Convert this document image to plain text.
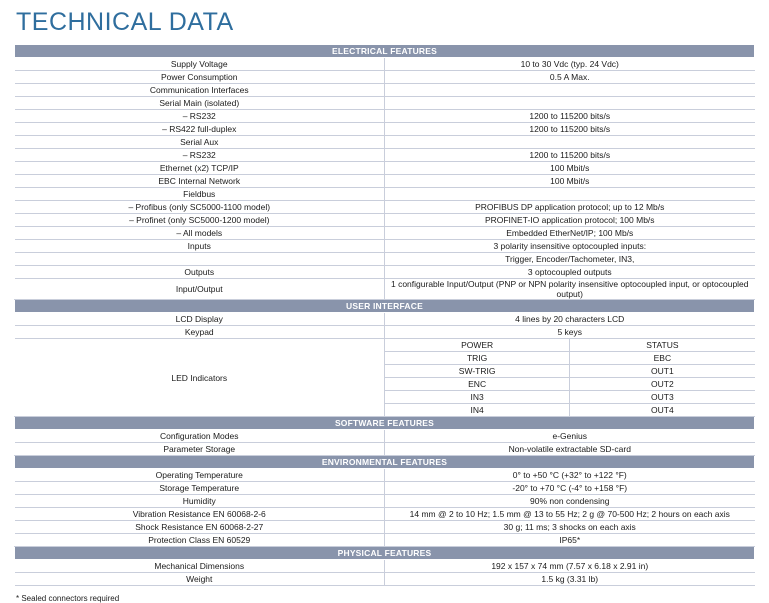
TECHNICAL DATA
ELECTRICAL FEATURES
Supply Voltage	10 to 30 Vdc (typ. 24 Vdc)
Power Consumption	0.5 A Max.
Communication Interfaces	
Serial Main (isolated)	
– RS232	1200 to 115200 bits/s
– RS422 full-duplex	1200 to 115200 bits/s
Serial Aux	
– RS232	1200 to 115200 bits/s
Ethernet (x2) TCP/IP	100 Mbit/s
EBC Internal Network	100 Mbit/s
Fieldbus	
– Profibus (only SC5000-1100 model)	PROFIBUS DP application protocol; up to 12 Mb/s
– Profinet (only SC5000-1200 model)	PROFINET-IO application protocol; 100 Mb/s
– All models	Embedded EtherNet/IP; 100 Mb/s
Inputs	3 polarity insensitive optocoupled inputs:
	Trigger, Encoder/Tachometer, IN3,
Outputs	3 optocoupled outputs
Input/Output	1 configurable Input/Output (PNP or NPN polarity insensitive optocoupled input, or optocoupled output)
USER INTERFACE
LCD Display	4 lines by 20 characters LCD
Keypad	5 keys
LED Indicators	
POWER	STATUS
TRIG	EBC
SW-TRIG	OUT1
ENC	OUT2
IN3	OUT3
IN4	OUT4

SOFTWARE FEATURES
Configuration Modes	e-Genius
Parameter Storage	Non-volatile extractable SD-card
ENVIRONMENTAL FEATURES
Operating Temperature	0° to +50 °C (+32° to +122 °F)
Storage Temperature	-20° to +70 °C (-4° to +158 °F)
Humidity	90% non condensing
Vibration Resistance EN 60068-2-6	14 mm @ 2 to 10 Hz; 1.5 mm @ 13 to 55 Hz; 2 g @ 70-500 Hz; 2 hours on each axis
Shock Resistance EN 60068-2-27	30 g; 11 ms; 3 shocks on each axis
Protection Class EN 60529	IP65*
PHYSICAL FEATURES
Mechanical Dimensions	192 x 157 x 74 mm (7.57 x 6.18 x 2.91 in)
Weight	1.5 kg (3.31 lb)
* Sealed connectors required
